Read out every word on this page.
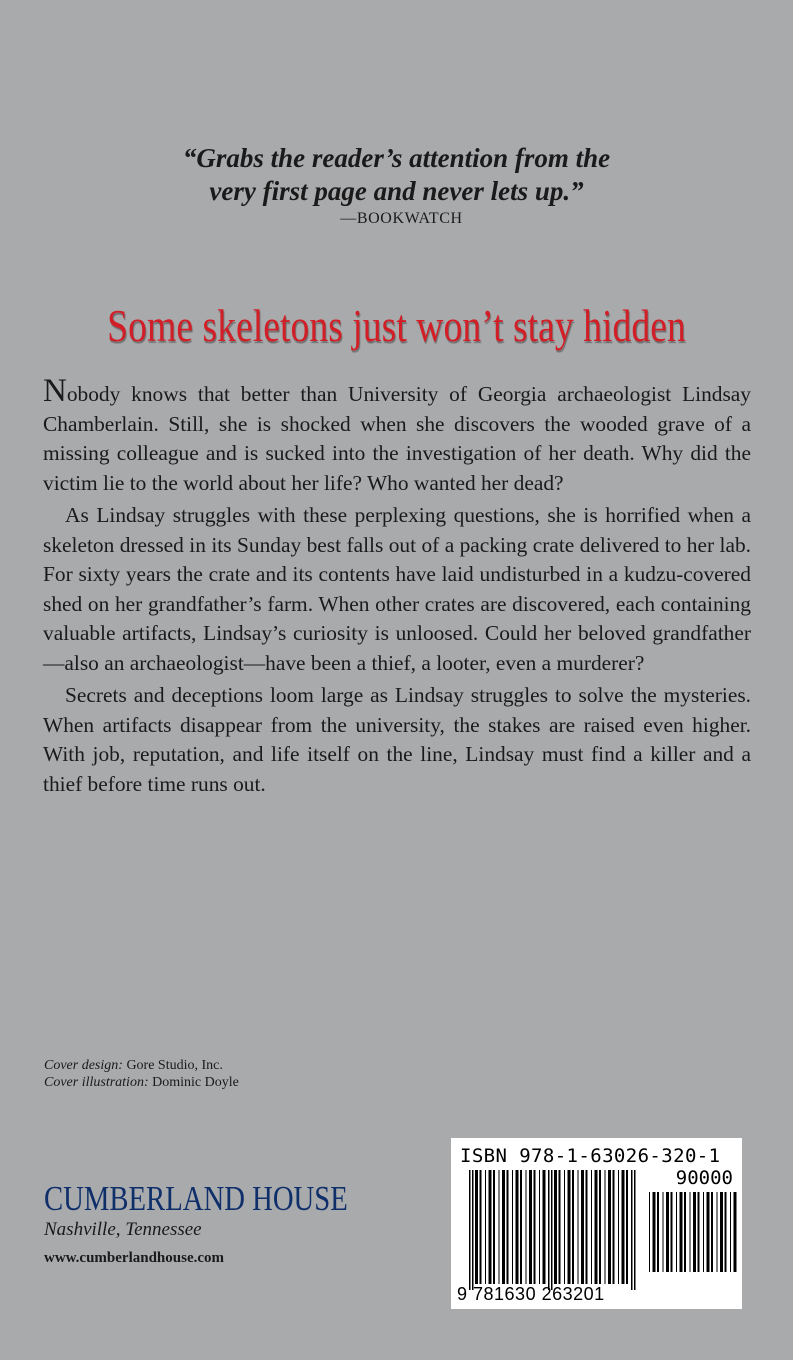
“Grabs the reader’s attention from the
very first page and never lets up.”
—BOOKWATCH
Some skeletons just won’t stay hidden

Nobody knows that better than University of Georgia archaeologist Lindsay Chamberlain. Still, she is shocked when she discovers the wooded grave of a missing colleague and is sucked into the investigation of her death. Why did the victim lie to the world about her life? Who wanted her dead?

As Lindsay struggles with these perplexing questions, she is horrified when a skeleton dressed in its Sunday best falls out of a packing crate delivered to her lab. For sixty years the crate and its contents have laid undisturbed in a kudzu-covered shed on her grandfather’s farm. When other crates are discovered, each containing valuable artifacts, Lindsay’s curiosity is unloosed. Could her beloved grandfather—also an archaeologist—have been a thief, a looter, even a murderer?

Secrets and deceptions loom large as Lindsay struggles to solve the mysteries. When artifacts disappear from the university, the stakes are raised even higher. With job, reputation, and life itself on the line, Lindsay must find a killer and a thief before time runs out.

Cover design: Gore Studio, Inc.
Cover illustration: Dominic Doyle
CUMBERLAND HOUSE
Nashville, Tennessee
www.cumberlandhouse.com
ISBN 978-1-63026-320-1
90000
9 781630 263201
